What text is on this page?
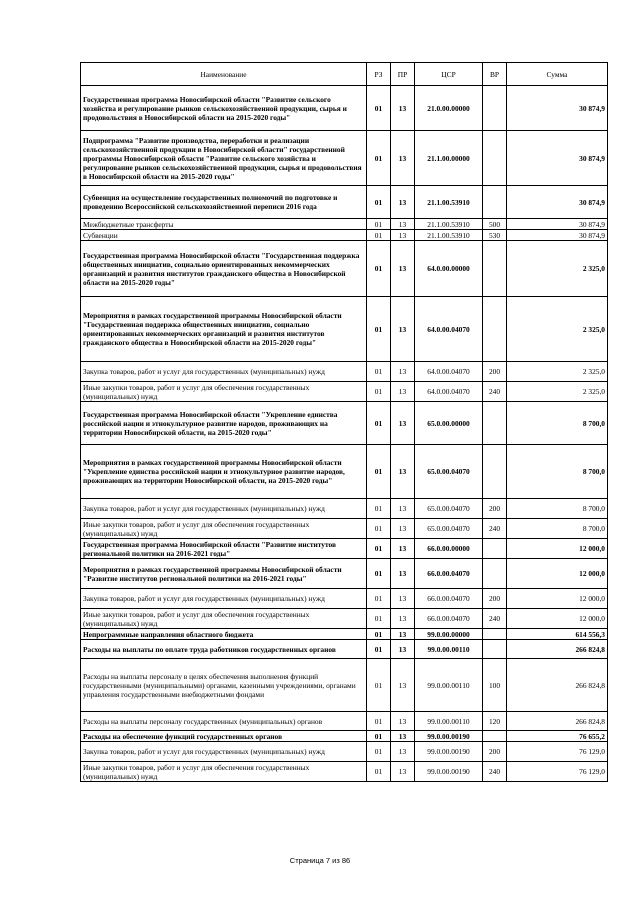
Наименование	РЗ	ПР	ЦСР	ВР	Сумма
Государственная программа Новосибирской области "Развитие сельского хозяйства и регулирование рынков сельскохозяйственной продукции, сырья и продовольствия в Новосибирской области на 2015-2020 годы"	01	13	21.0.00.00000		30 874,9
Подпрограмма "Развитие производства, переработки и реализации сельскохозяйственной продукции в Новосибирской области" государственной программы Новосибирской области "Развитие сельского хозяйства и регулирование рынков сельскохозяйственной продукции, сырья и продовольствия в Новосибирской области на 2015-2020 годы"	01	13	21.1.00.00000		30 874,9
Субвенция на осуществление государственных полномочий по подготовке и проведению Всероссийской сельскохозяйственной переписи 2016 года	01	13	21.1.00.53910		30 874,9
Межбюджетные трансферты	01	13	21.1.00.53910	500	30 874,9
Субвенции	01	13	21.1.00.53910	530	30 874,9
Государственная программа Новосибирской области "Государственная поддержка общественных инициатив, социально ориентированных некоммерческих организаций и развития институтов гражданского общества в Новосибирской области на 2015-2020 годы"	01	13	64.0.00.00000		2 325,0
Мероприятия в рамках государственной программы Новосибирской области "Государственная поддержка общественных инициатив, социально ориентированных некоммерческих организаций и развития институтов гражданского общества в Новосибирской области на 2015-2020 годы"	01	13	64.0.00.04070		2 325,0
Закупка товаров, работ и услуг для государственных (муниципальных) нужд	01	13	64.0.00.04070	200	2 325,0
Иные закупки товаров, работ и услуг для обеспечения государственных (муниципальных) нужд	01	13	64.0.00.04070	240	2 325,0
Государственная программа Новосибирской области "Укрепление единства российской нации и этнокультурное развитие народов, проживающих на территории Новосибирской области, на 2015-2020 годы"	01	13	65.0.00.00000		8 700,0
Мероприятия в рамках государственной программы Новосибирской области "Укрепление единства российской нации и этнокультурное развитие народов, проживающих на территории Новосибирской области, на 2015-2020 годы"	01	13	65.0.00.04070		8 700,0
Закупка товаров, работ и услуг для государственных (муниципальных) нужд	01	13	65.0.00.04070	200	8 700,0
Иные закупки товаров, работ и услуг для обеспечения государственных (муниципальных) нужд	01	13	65.0.00.04070	240	8 700,0
Государственная программа Новосибирской области "Развитие институтов региональной политики на 2016-2021 годы"	01	13	66.0.00.00000		12 000,0
Мероприятия в рамках государственной программы Новосибирской области "Развитие институтов региональной политики на 2016-2021 годы"	01	13	66.0.00.04070		12 000,0
Закупка товаров, работ и услуг для государственных (муниципальных) нужд	01	13	66.0.00.04070	200	12 000,0
Иные закупки товаров, работ и услуг для обеспечения государственных (муниципальных) нужд	01	13	66.0.00.04070	240	12 000,0
Непрограммные направления областного бюджета	01	13	99.0.00.00000		614 556,3
Расходы на выплаты по оплате труда работников государственных органов	01	13	99.0.00.00110		266 824,8
Расходы на выплаты персоналу в целях обеспечения выполнения функций государственными (муниципальными) органами, казенными учреждениями, органами управления государственными внебюджетными фондами	01	13	99.0.00.00110	100	266 824,8
Расходы на выплаты персоналу государственных (муниципальных) органов	01	13	99.0.00.00110	120	266 824,8
Расходы на обеспечение функций государственных органов	01	13	99.0.00.00190		76 655,2
Закупка товаров, работ и услуг для государственных (муниципальных) нужд	01	13	99.0.00.00190	200	76 129,0
Иные закупки товаров, работ и услуг для обеспечения государственных (муниципальных) нужд	01	13	99.0.00.00190	240	76 129,0
Страница 7 из 86
